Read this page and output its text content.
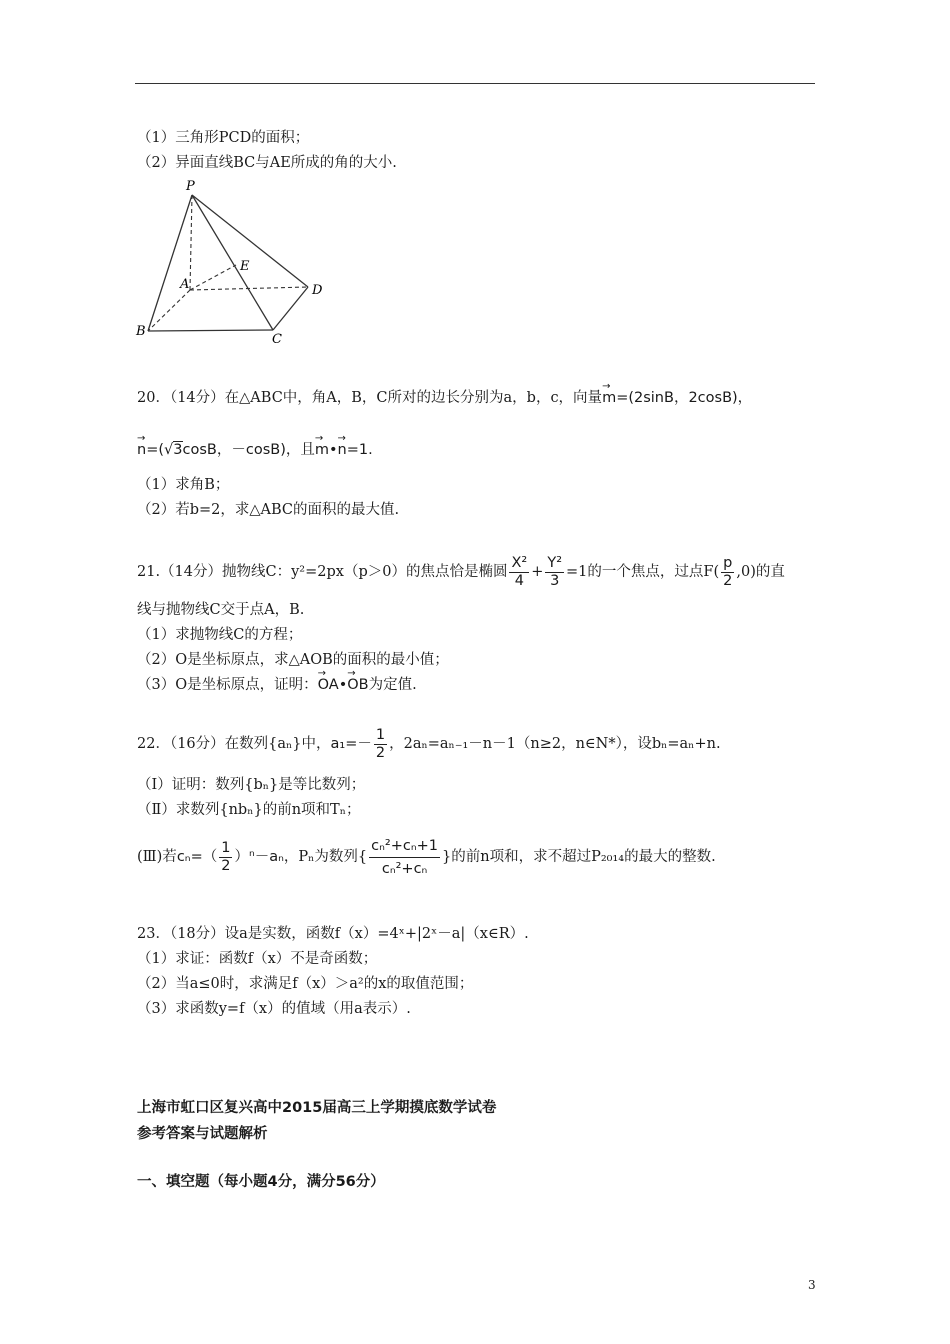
（1）三角形PCD的面积；
（2）异面直线BC与AE所成的角的大小.
P
A
E
D
B
C
20．（14分）在△ABC中，角A，B，C所对的边长分别为a，b，c，向量→ m=(2sinB，2cosB)，
→ n=(√3cosB，－cosB)，且→ m•→ n=1.
（1）求角B；
（2）若b=2，求△ABC的面积的最大值.
21.（14分）抛物线C：y²=2px（p＞0）的焦点恰是椭圆 $\frac{\text{X²}}{4} + \frac{\text{Y²}}{3} =1$的一个焦点，过点$F( \frac{p}{2} ,0)$的直
线与抛物线C交于点A，B.
（1）求抛物线C的方程；
（2）O是坐标原点，求△AOB的面积的最小值；
（3）O是坐标原点，证明：→ OA•→ OB为定值.
22．（16分）在数列{aₙ}中，$a_1=- \frac{1}{2}$ ，2aₙ=aₙ₋₁－n－1（n≥2，n∈N*），设bₙ=aₙ+n.
（Ⅰ）证明：数列{bₙ}是等比数列；
（Ⅱ）求数列{nbₙ}的前n项和Tₙ；
(Ⅲ)若$c_n=( \frac{1}{2} )^n-a_n$，Pₙ为数列{ $\frac{\text{cₙ²+cₙ+1}}{\text{cₙ²+cₙ}}$ }的前n项和，求不超过P₂₀₁₄的最大的整数.
23．（18分）设a是实数，函数f（x）=4ˣ+|2ˣ－a|（x∈R）.
（1）求证：函数f（x）不是奇函数；
（2）当a≤0时，求满足f（x）＞a²的x的取值范围；
（3）求函数y=f（x）的值域（用a表示）.
上海市虹口区复兴高中2015届高三上学期摸底数学试卷
参考答案与试题解析
一、填空题（每小题4分，满分56分）
3
